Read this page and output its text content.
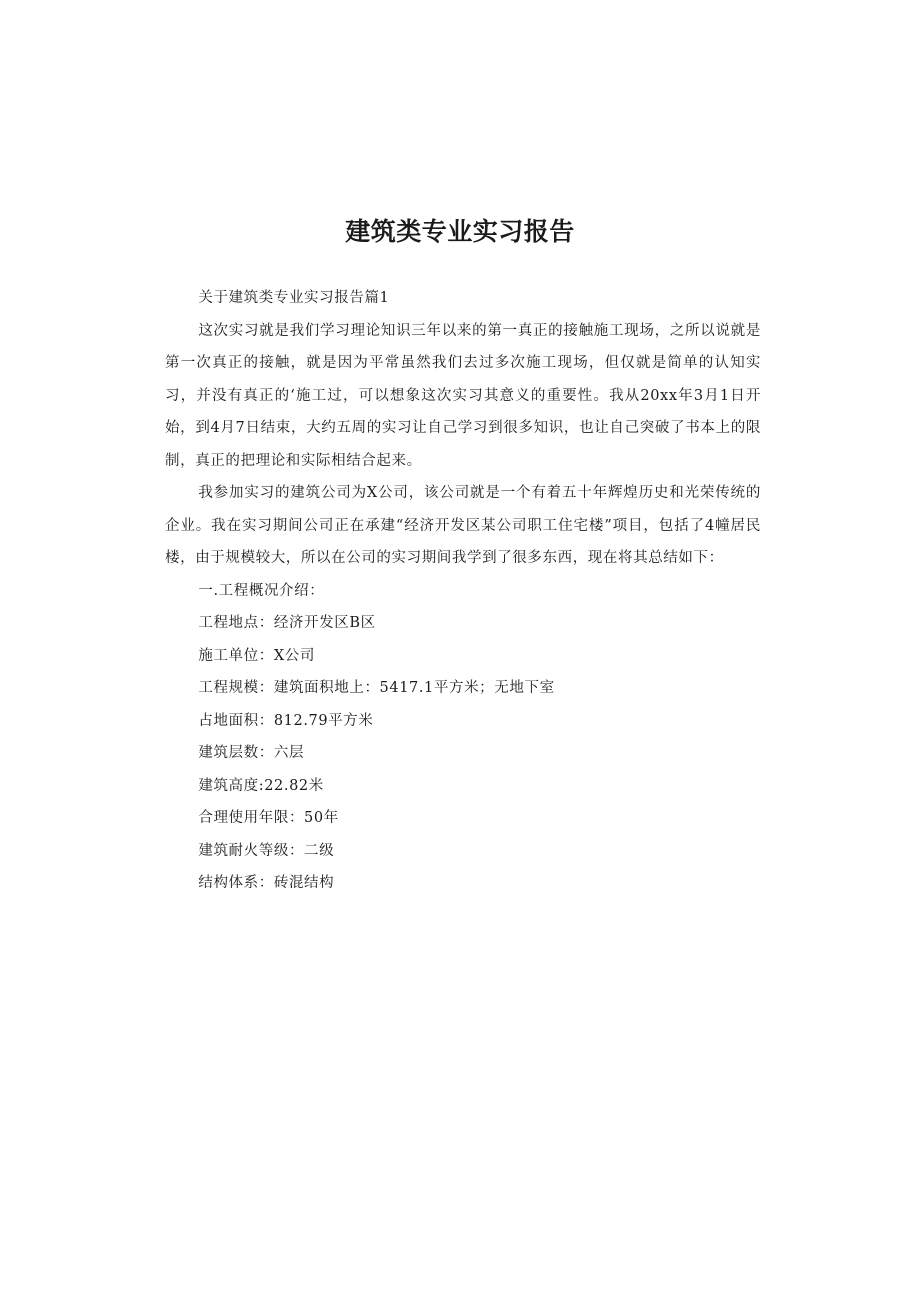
建筑类专业实习报告

关于建筑类专业实习报告篇1

这次实习就是我们学习理论知识三年以来的第一真正的接触施工现场，之所以说就是第一次真正的接触，就是因为平常虽然我们去过多次施工现场，但仅就是简单的认知实习，并没有真正的‘施工过，可以想象这次实习其意义的重要性。我从20xx年3月1日开始，到4月7日结束，大约五周的实习让自己学习到很多知识，也让自己突破了书本上的限制，真正的把理论和实际相结合起来。

我参加实习的建筑公司为X公司，该公司就是一个有着五十年辉煌历史和光荣传统的企业。我在实习期间公司正在承建“经济开发区某公司职工住宅楼”项目，包括了4幢居民楼，由于规模较大，所以在公司的实习期间我学到了很多东西，现在将其总结如下：

一.工程概况介绍：

工程地点：经济开发区B区

施工单位：X公司

工程规模：建筑面积地上：5417.1平方米；无地下室

占地面积：812.79平方米

建筑层数：六层

建筑高度:22.82米

合理使用年限：50年

建筑耐火等级：二级

结构体系：砖混结构
